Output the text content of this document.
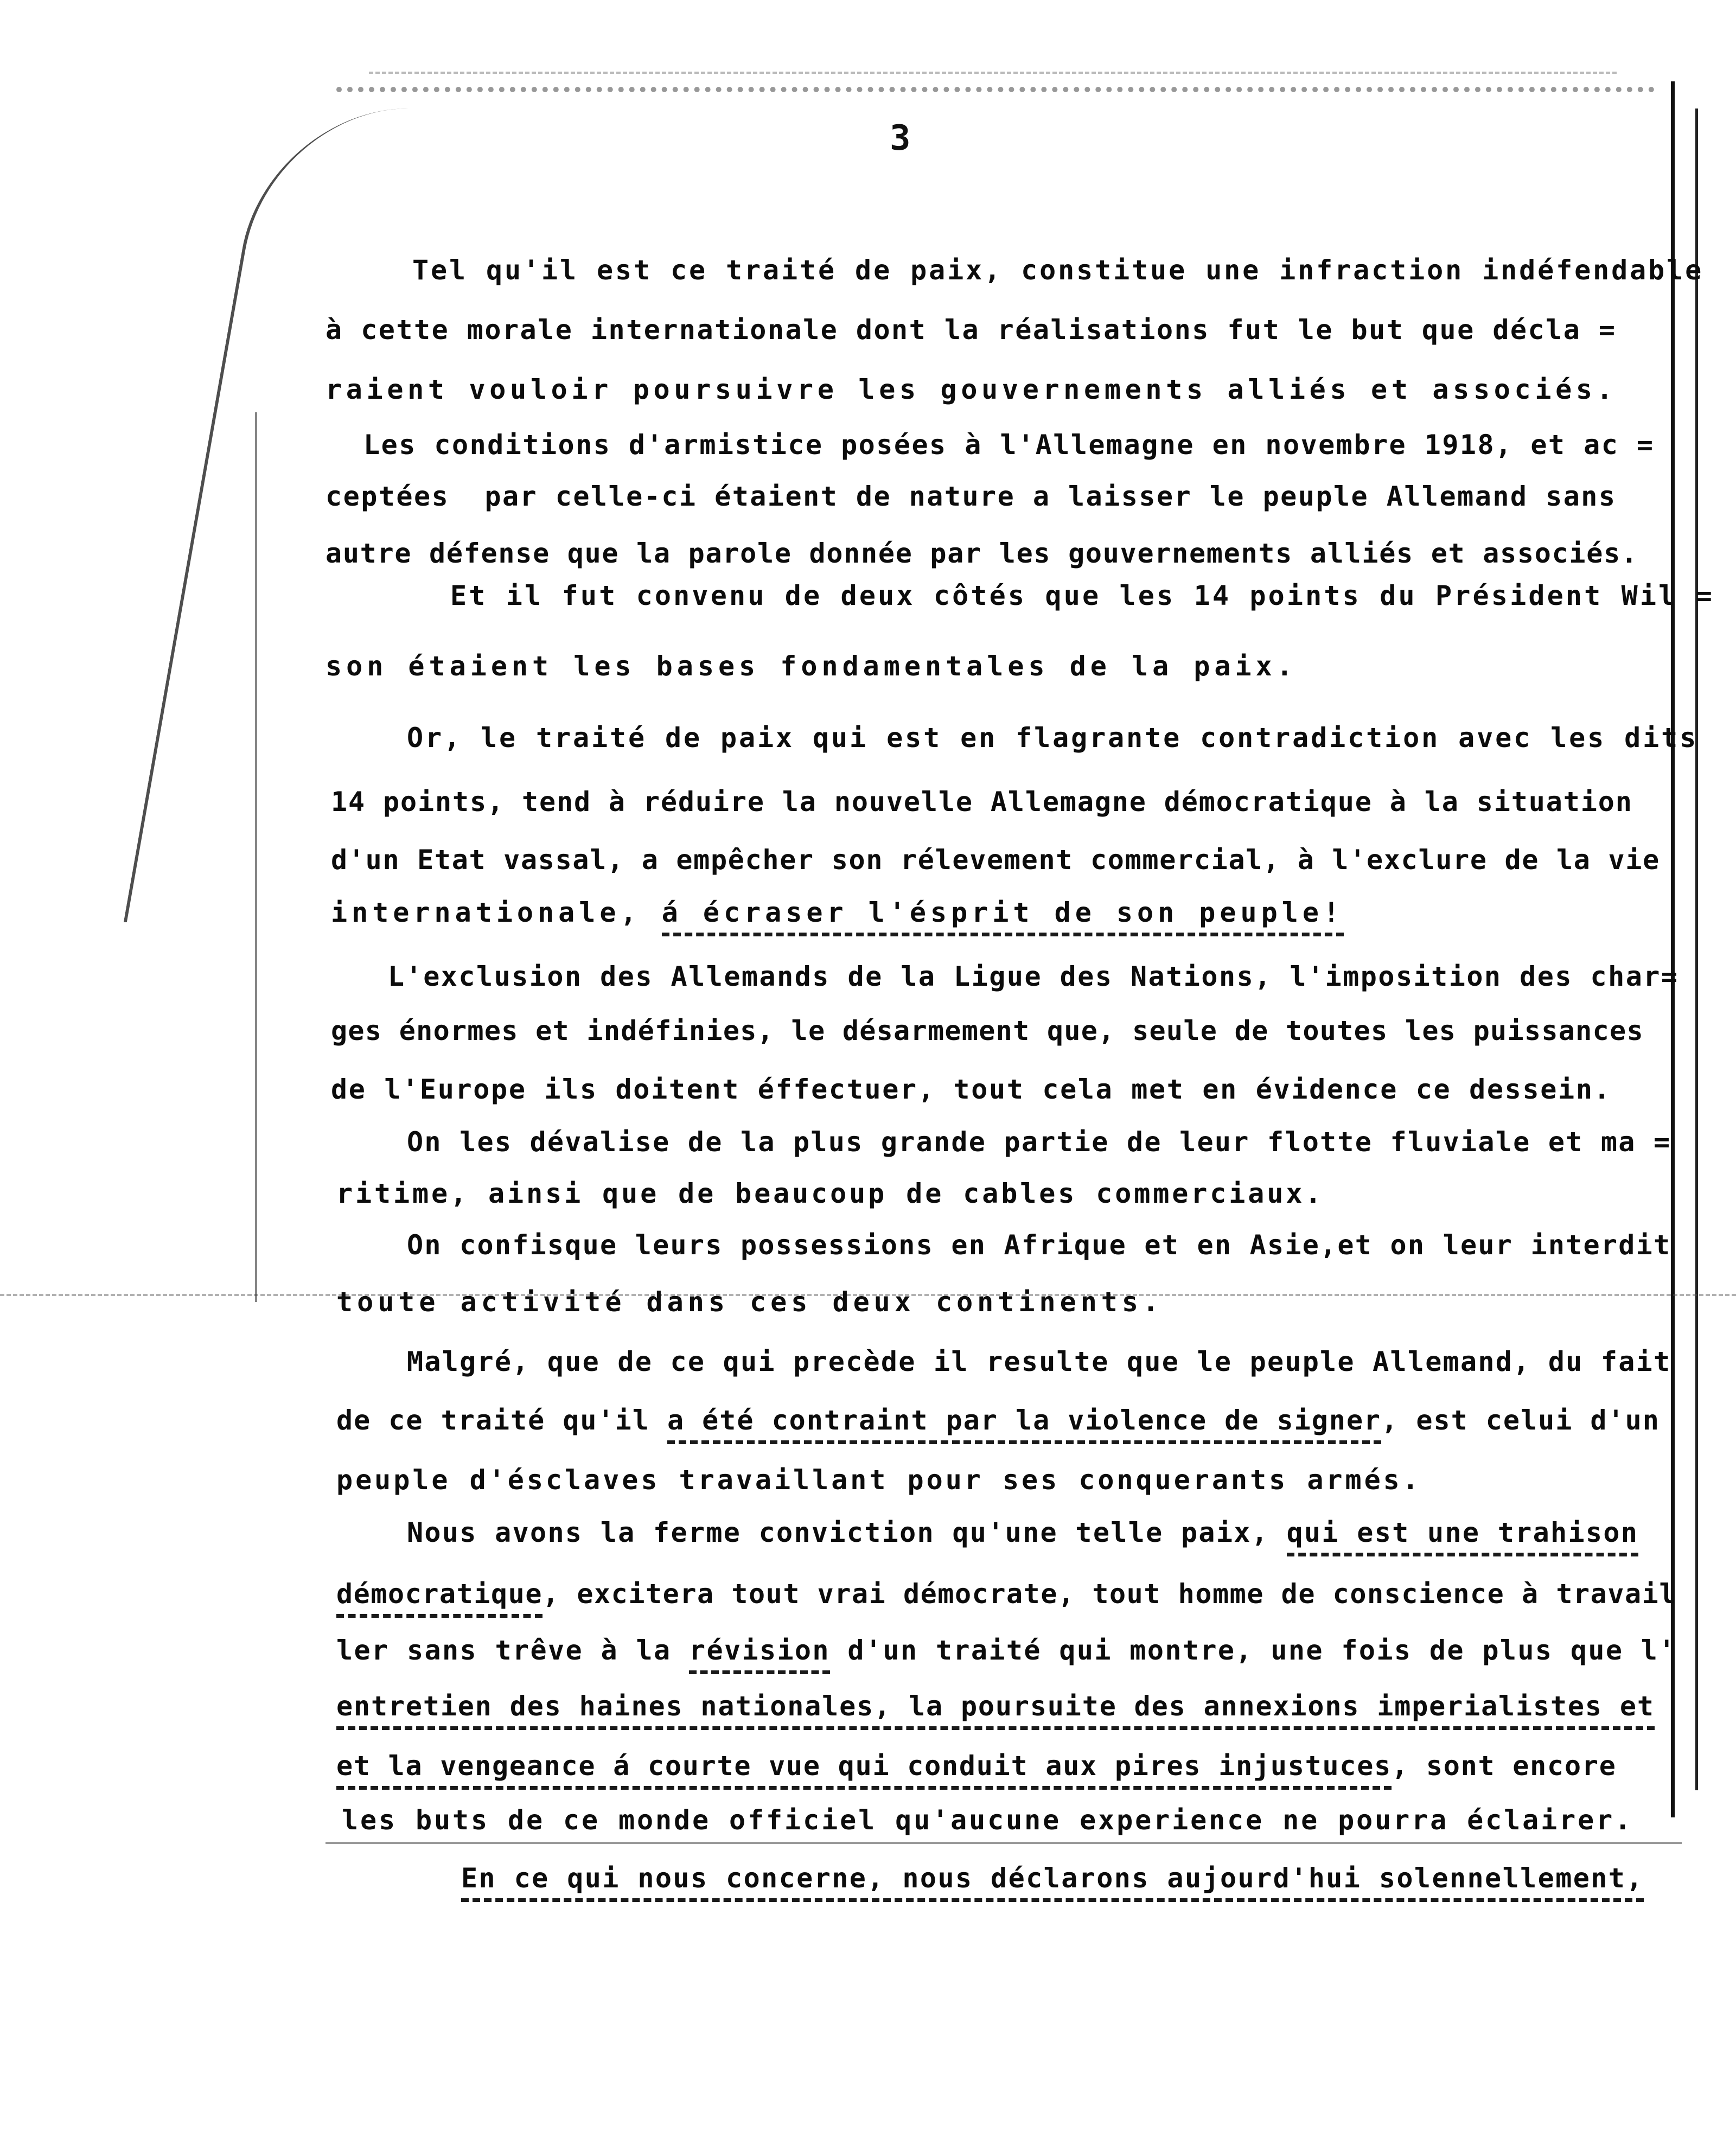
3
Tel qu'il est ce traité de paix, constitue une infraction indéfendable
à cette morale internationale dont la réalisations fut le but que décla =
raient vouloir poursuivre les gouvernements alliés et associés.
Les conditions d'armistice posées à l'Allemagne en novembre 1918, et ac =
ceptées  par celle-ci étaient de nature a laisser le peuple Allemand sans
autre défense que la parole donnée par les gouvernements alliés et associés.
Et il fut convenu de deux côtés que les 14 points du Président Wil =
son étaient les bases fondamentales de la paix.
Or, le traité de paix qui est en flagrante contradiction avec les dits
14 points, tend à réduire la nouvelle Allemagne démocratique à la situation
d'un Etat vassal, a empêcher son rélevement commercial, à l'exclure de la vie
internationale, á écraser l'ésprit de son peuple!
L'exclusion des Allemands de la Ligue des Nations, l'imposition des char=
ges énormes et indéfinies, le désarmement que, seule de toutes les puissances
de l'Europe ils doitent éffectuer, tout cela met en évidence ce dessein.
On les dévalise de la plus grande partie de leur flotte fluviale et ma =
ritime, ainsi que de beaucoup de cables commerciaux.
On confisque leurs possessions en Afrique et en Asie,et on leur interdit
toute activité dans ces deux continents.
Malgré, que de ce qui precède il resulte que le peuple Allemand, du fait
de ce traité qu'il a été contraint par la violence de signer, est celui d'un
peuple d'ésclaves travaillant pour ses conquerants armés.
Nous avons la ferme conviction qu'une telle paix, qui est une trahison
démocratique, excitera tout vrai démocrate, tout homme de conscience à travail
ler sans trêve à la révision d'un traité qui montre, une fois de plus que l'
entretien des haines nationales, la poursuite des annexions imperialistes et
et la vengeance á courte vue qui conduit aux pires injustuces, sont encore
les buts de ce monde officiel qu'aucune experience ne pourra éclairer.
En ce qui nous concerne, nous déclarons aujourd'hui solennellement,
